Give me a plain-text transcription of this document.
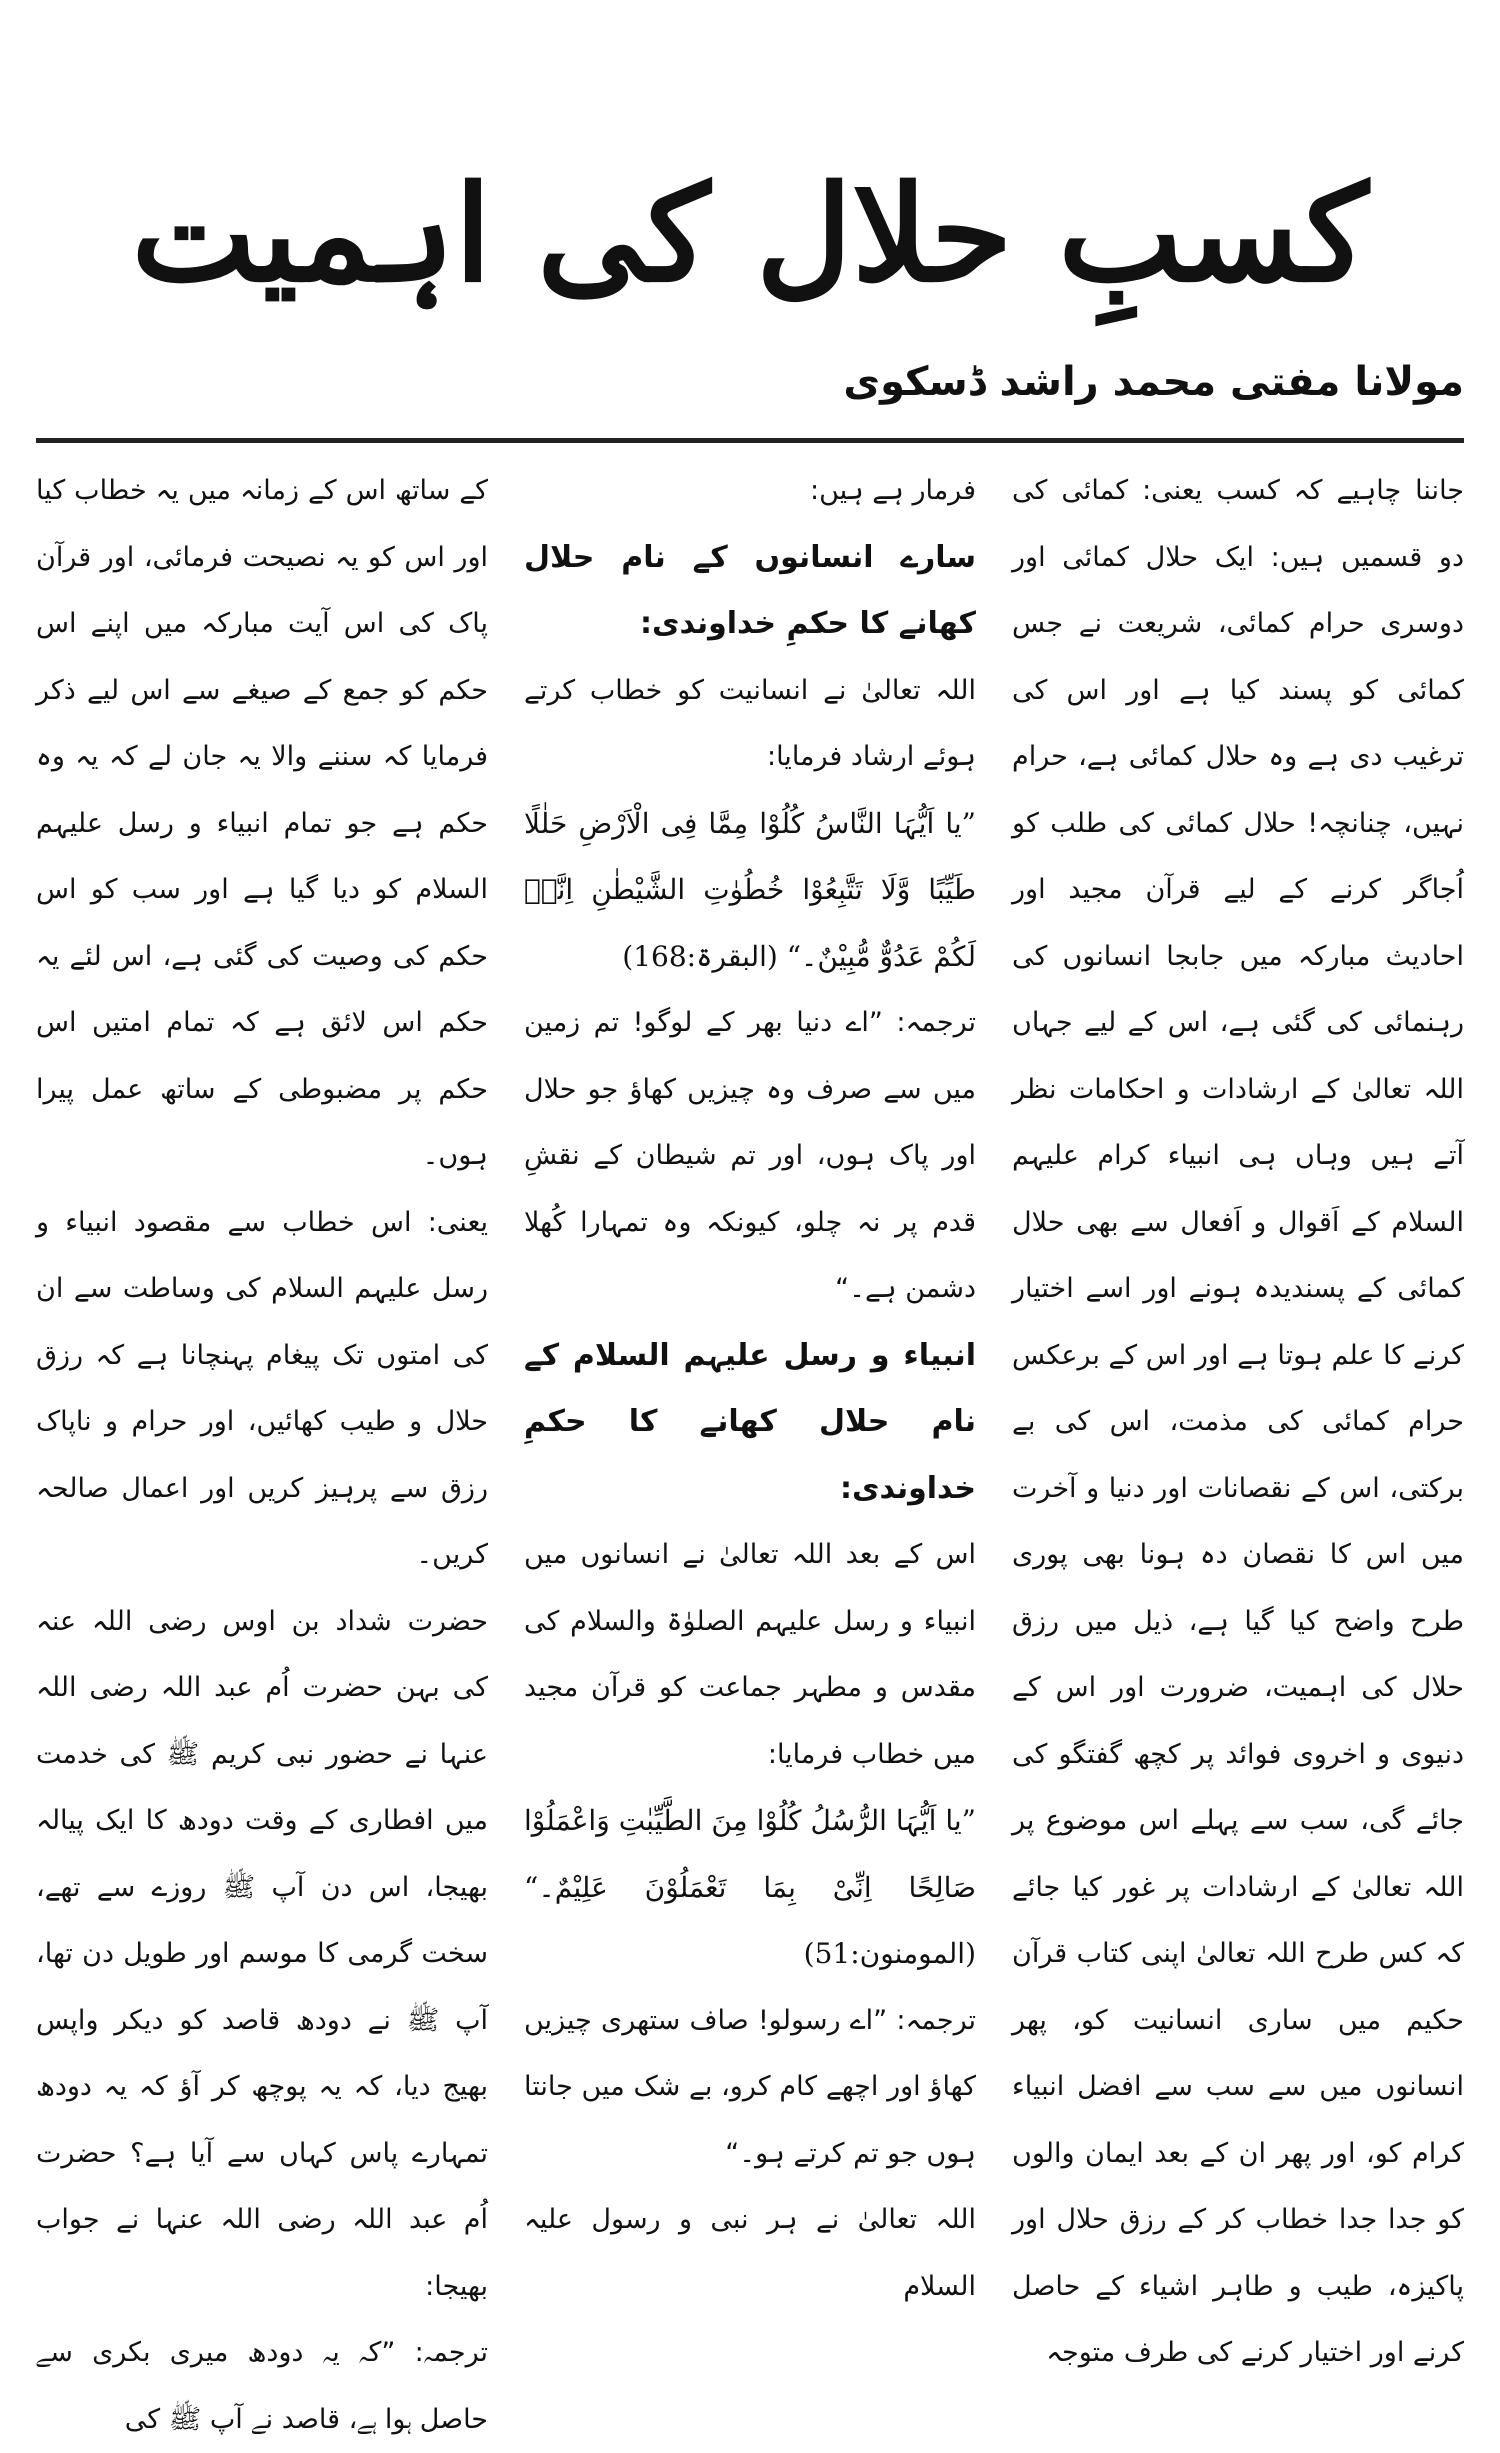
کسبِ حلال کی اہمیت
مولانا مفتی محمد راشد ڈسکوی

جاننا چاہیے کہ کسب یعنی: کمائی کی دو قسمیں ہیں: ایک حلال کمائی اور دوسری حرام کمائی، شریعت نے جس کمائی کو پسند کیا ہے اور اس کی ترغیب دی ہے وہ حلال کمائی ہے، حرام نہیں، چنانچہ! حلال کمائی کی طلب کو اُجاگر کرنے کے لیے قرآن مجید اور احادیث مبارکہ میں جابجا انسانوں کی رہنمائی کی گئی ہے، اس کے لیے جہاں اللہ تعالیٰ کے ارشادات و احکامات نظر آتے ہیں وہاں ہی انبیاء کرام علیہم السلام کے اَقوال و اَفعال سے بھی حلال کمائی کے پسندیدہ ہونے اور اسے اختیار کرنے کا علم ہوتا ہے اور اس کے برعکس حرام کمائی کی مذمت، اس کی بے برکتی، اس کے نقصانات اور دنیا و آخرت میں اس کا نقصان دہ ہونا بھی پوری طرح واضح کیا گیا ہے، ذیل میں رزق حلال کی اہمیت، ضرورت اور اس کے دنیوی و اخروی فوائد پر کچھ گفتگو کی جائے گی، سب سے پہلے اس موضوع پر اللہ تعالیٰ کے ارشادات پر غور کیا جائے کہ کس طرح اللہ تعالیٰ اپنی کتاب قرآن حکیم میں ساری انسانیت کو، پھر انسانوں میں سے سب سے افضل انبیاء کرام کو، اور پھر ان کے بعد ایمان والوں کو جدا جدا خطاب کر کے رزق حلال اور پاکیزہ، طیب و طاہر اشیاء کے حاصل کرنے اور اختیار کرنے کی طرف متوجہ

فرمار ہے ہیں:

سارے انسانوں کے نام حلال کھانے کا حکمِ خداوندی:

اللہ تعالیٰ نے انسانیت کو خطاب کرتے ہوئے ارشاد فرمایا:

”یا اَیُّہَا النَّاسُ کُلُوْا مِمَّا فِی الْاَرْضِ حَلٰلًا طَیِّبًا وَّلَا تَتَّبِعُوْا خُطُوٰتِ الشَّیْطٰنِ اِنَّہٗ لَکُمْ عَدُوٌّ مُّبِیْنٌ۔“ (البقرۃ:168)

ترجمہ: ”اے دنیا بھر کے لوگو! تم زمین میں سے صرف وہ چیزیں کھاؤ جو حلال اور پاک ہوں، اور تم شیطان کے نقشِ قدم پر نہ چلو، کیونکہ وہ تمہارا کُھلا دشمن ہے۔“

انبیاء و رسل علیہم السلام کے نام حلال کھانے کا حکمِ خداوندی:

اس کے بعد اللہ تعالیٰ نے انسانوں میں انبیاء و رسل علیہم الصلوٰۃ والسلام کی مقدس و مطہر جماعت کو قرآن مجید میں خطاب فرمایا:

”یا اَیُّہَا الرُّسُلُ کُلُوْا مِنَ الطَّیِّبٰتِ وَاعْمَلُوْا صَالِحًا اِنِّیْ بِمَا تَعْمَلُوْنَ عَلِیْمٌ۔“ (المومنون:51)

ترجمہ: ”اے رسولو! صاف ستھری چیزیں کھاؤ اور اچھے کام کرو، بے شک میں جانتا ہوں جو تم کرتے ہو۔“

اللہ تعالیٰ نے ہر نبی و رسول علیہ السلام

کے ساتھ اس کے زمانہ میں یہ خطاب کیا اور اس کو یہ نصیحت فرمائی، اور قرآن پاک کی اس آیت مبارکہ میں اپنے اس حکم کو جمع کے صیغے سے اس لیے ذکر فرمایا کہ سننے والا یہ جان لے کہ یہ وہ حکم ہے جو تمام انبیاء و رسل علیہم السلام کو دیا گیا ہے اور سب کو اس حکم کی وصیت کی گئی ہے، اس لئے یہ حکم اس لائق ہے کہ تمام امتیں اس حکم پر مضبوطی کے ساتھ عمل پیرا ہوں۔

یعنی: اس خطاب سے مقصود انبیاء و رسل علیہم السلام کی وساطت سے ان کی امتوں تک پیغام پہنچانا ہے کہ رزق حلال و طیب کھائیں، اور حرام و ناپاک رزق سے پرہیز کریں اور اعمال صالحہ کریں۔

حضرت شداد بن اوس رضی اللہ عنہ کی بہن حضرت اُم عبد اللہ رضی اللہ عنہا نے حضور نبی کریم ﷺ کی خدمت میں افطاری کے وقت دودھ کا ایک پیالہ بھیجا، اس دن آپ ﷺ روزے سے تھے، سخت گرمی کا موسم اور طویل دن تھا، آپ ﷺ نے دودھ قاصد کو دیکر واپس بھیج دیا، کہ یہ پوچھ کر آؤ کہ یہ دودھ تمہارے پاس کہاں سے آیا ہے؟ حضرت اُم عبد اللہ رضی اللہ عنہا نے جواب بھیجا:

ترجمہ: ”کہ یہ دودھ میری بکری سے حاصل ہوا ہے، قاصد نے آپ ﷺ کی
